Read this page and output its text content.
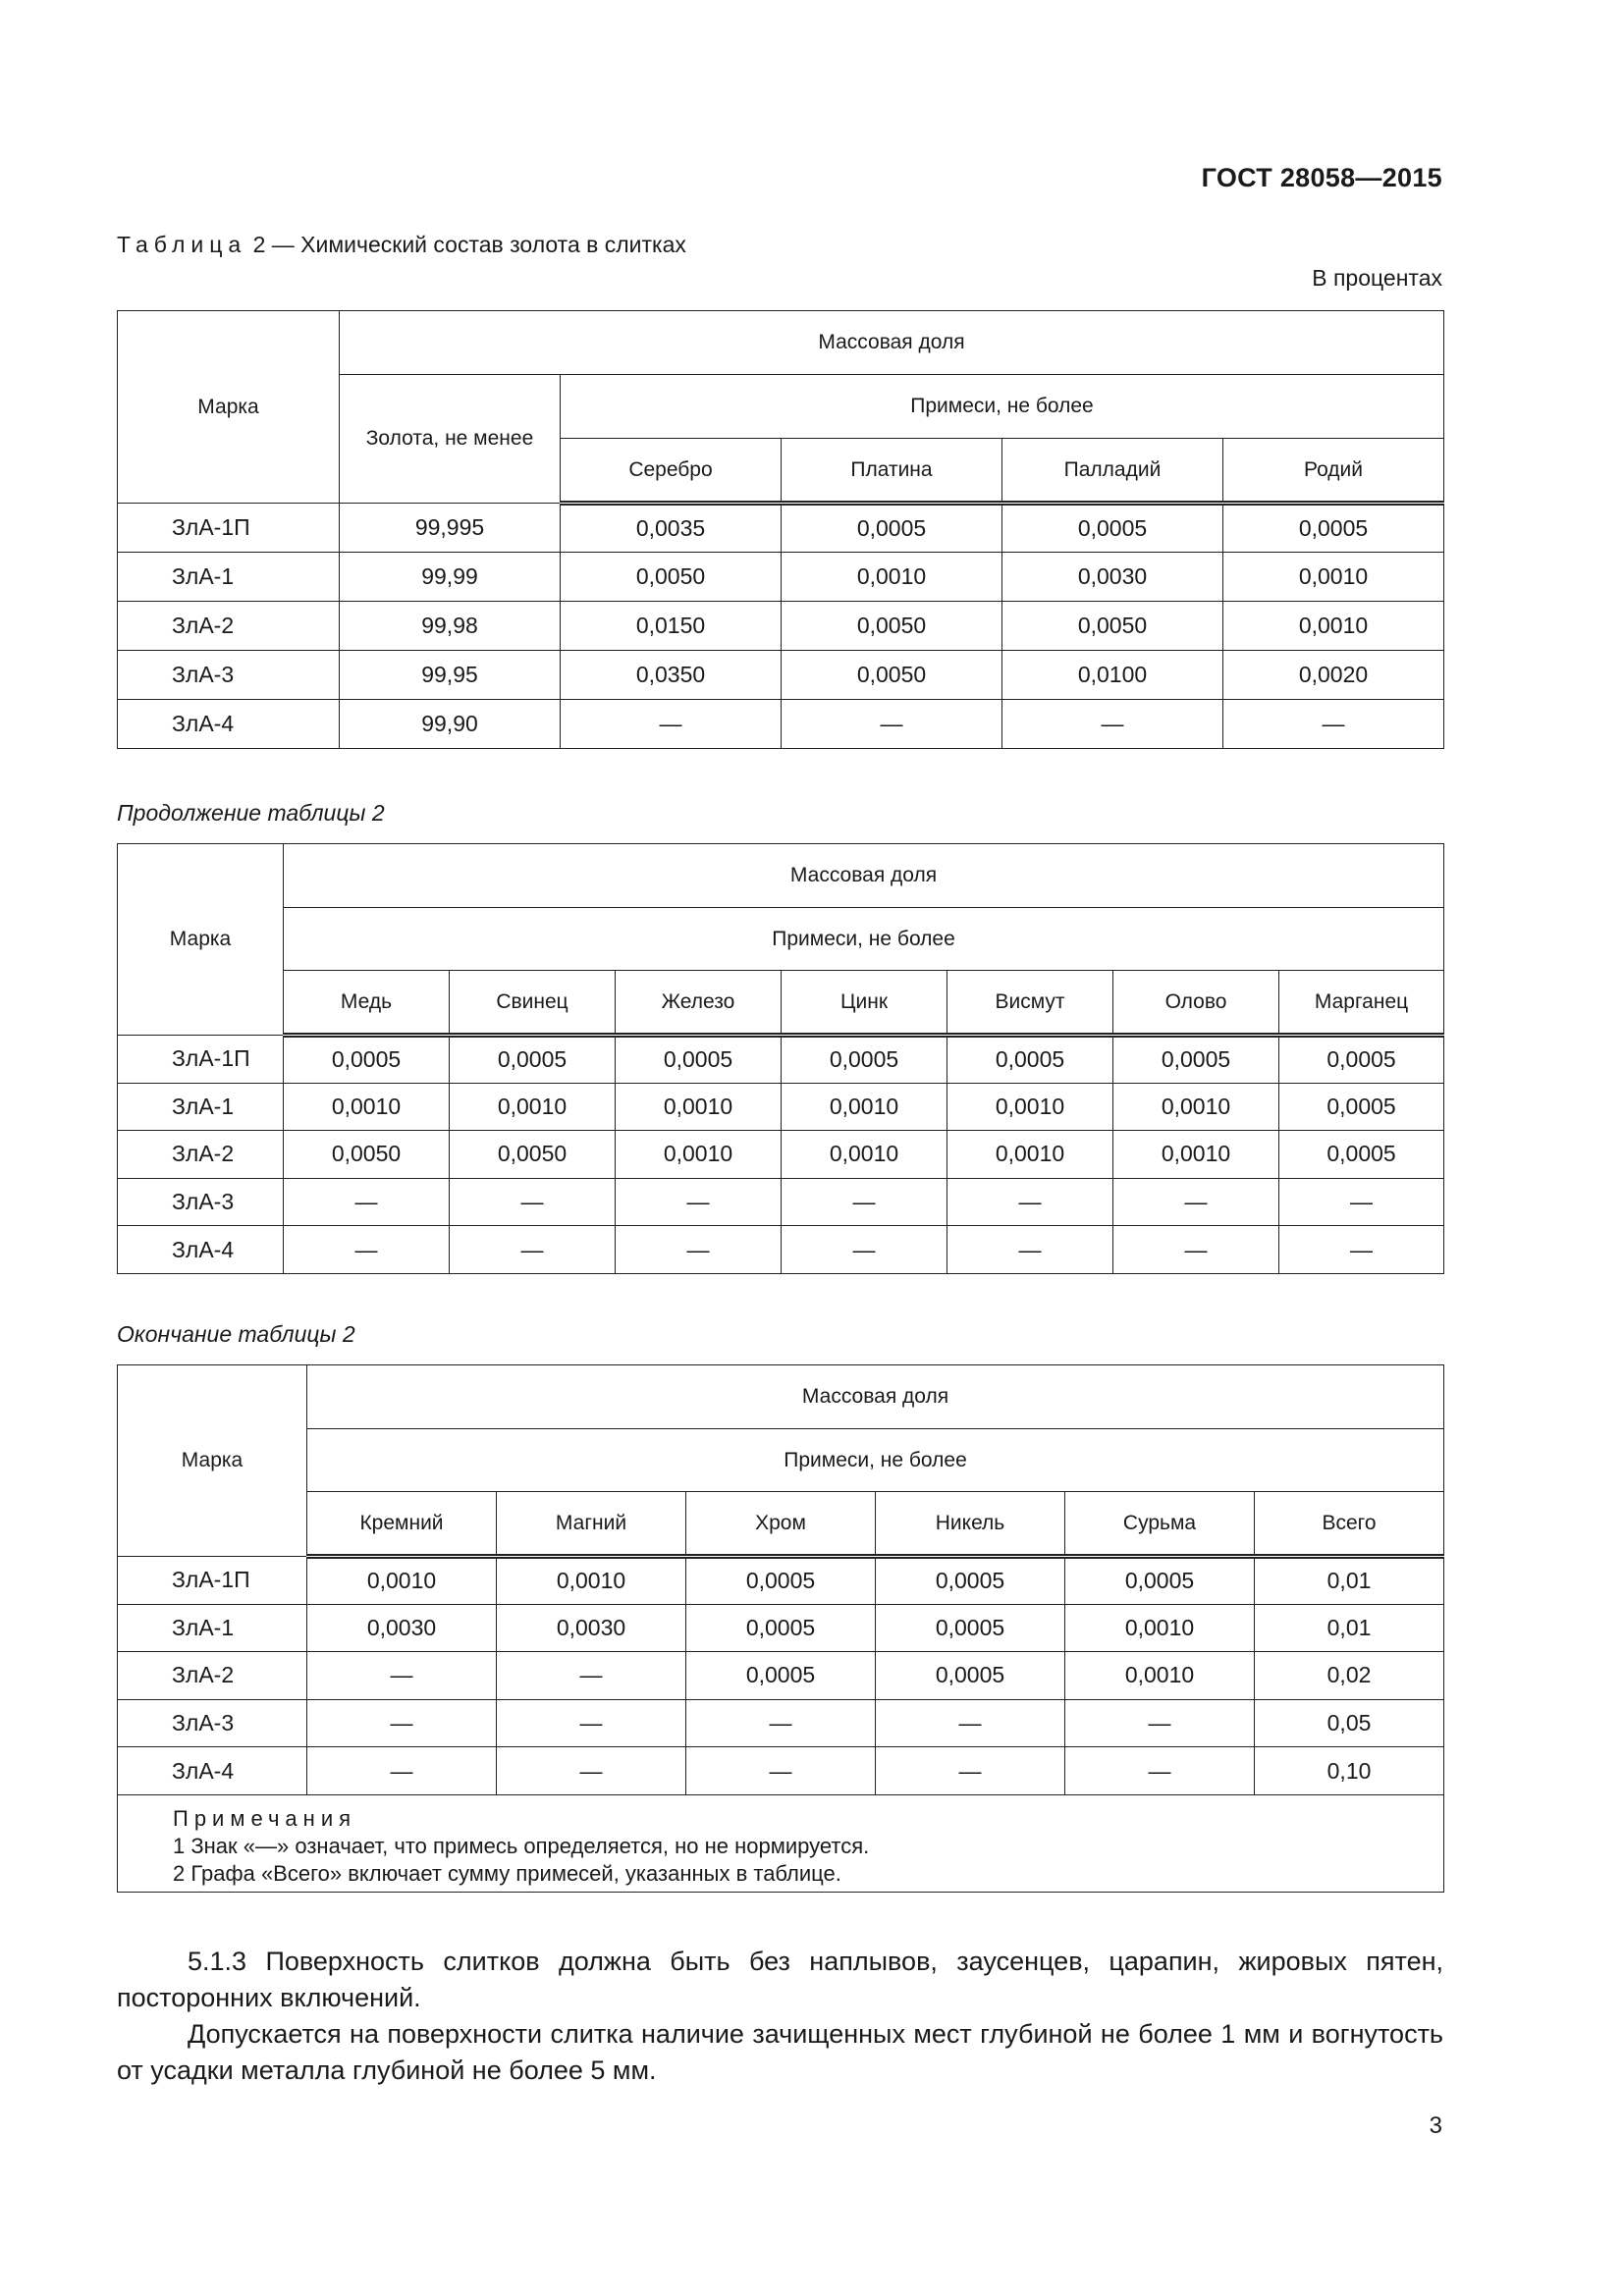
ГОСТ 28058—2015
Таблица 2 — Химический состав золота в слитках
В процентах
Марка	Массовая доля				
	Золота, не менее	Примеси, не более			
		Серебро	Платина	Палладий	Родий
ЗлА-1П	99,995	0,0035	0,0005	0,0005	0,0005
ЗлА-1	99,99	0,0050	0,0010	0,0030	0,0010
ЗлА-2	99,98	0,0150	0,0050	0,0050	0,0010
ЗлА-3	99,95	0,0350	0,0050	0,0100	0,0020
ЗлА-4	99,90	—	—	—	—
Продолжение таблицы 2
Марка	Массовая доля						
	Примеси, не более						
	Медь	Свинец	Железо	Цинк	Висмут	Олово	Марганец
ЗлА-1П	0,0005	0,0005	0,0005	0,0005	0,0005	0,0005	0,0005
ЗлА-1	0,0010	0,0010	0,0010	0,0010	0,0010	0,0010	0,0005
ЗлА-2	0,0050	0,0050	0,0010	0,0010	0,0010	0,0010	0,0005
ЗлА-3	—	—	—	—	—	—	—
ЗлА-4	—	—	—	—	—	—	—
Окончание таблицы 2
Марка	Массовая доля					
	Примеси, не более					
	Кремний	Магний	Хром	Никель	Сурьма	Всего
ЗлА-1П	0,0010	0,0010	0,0005	0,0005	0,0005	0,01
ЗлА-1	0,0030	0,0030	0,0005	0,0005	0,0010	0,01
ЗлА-2	—	—	0,0005	0,0005	0,0010	0,02
ЗлА-3	—	—	—	—	—	0,05
ЗлА-4	—	—	—	—	—	0,10

Примечания
1 Знак «—» означает, что примесь определяется, но не нормируется.
2 Графа «Всего» включает сумму примесей, указанных в таблице.						

5.1.3 Поверхность слитков должна быть без наплывов, заусенцев, царапин, жировых пятен, посторонних включений.

Допускается на поверхности слитка наличие зачищенных мест глубиной не более 1 мм и вогнутость от усадки металла глубиной не более 5 мм.

3
